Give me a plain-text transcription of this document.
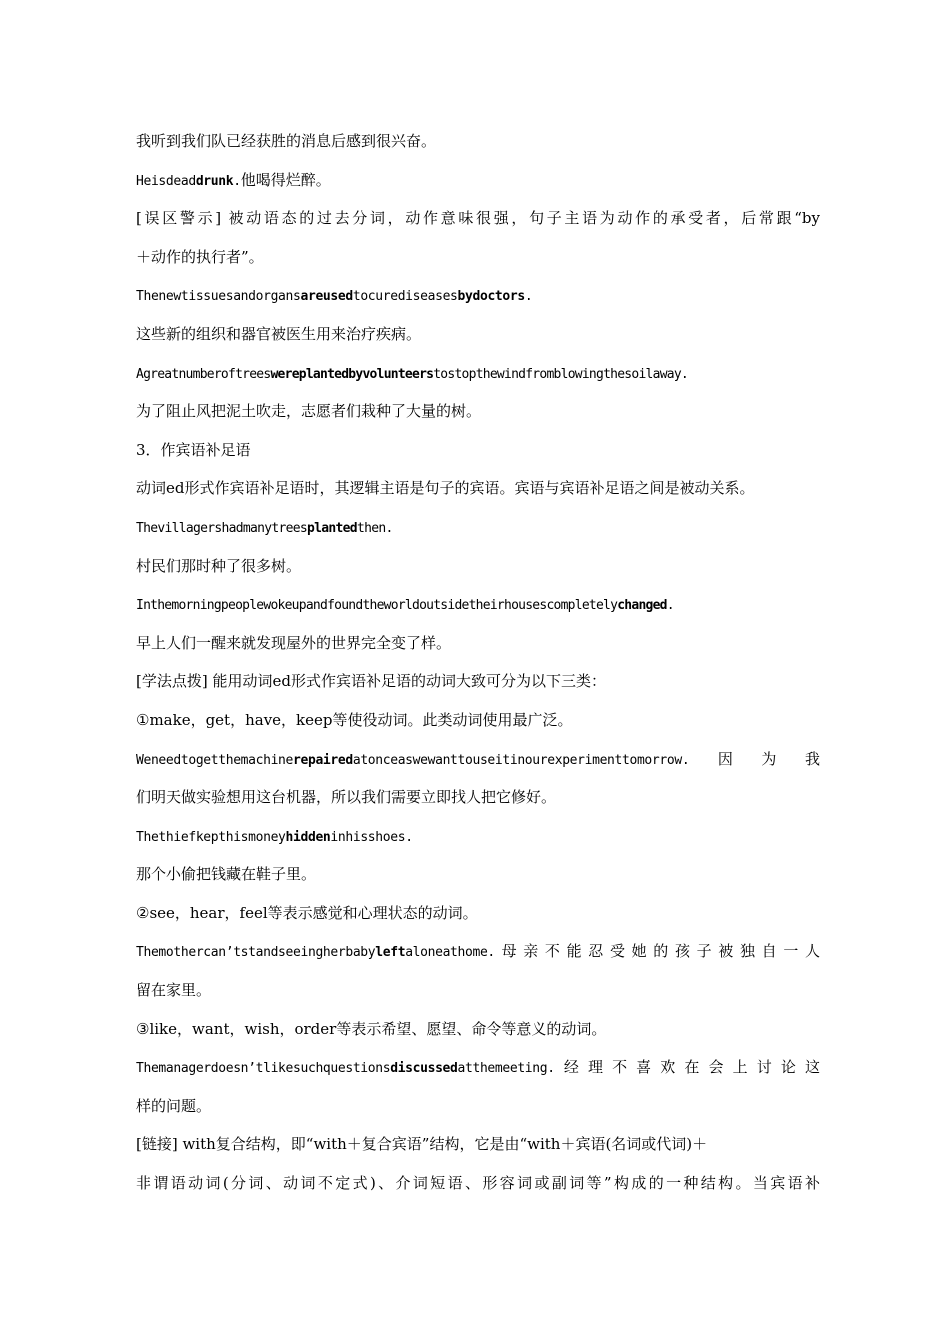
我听到我们队已经获胜的消息后感到很兴奋。
Heisdeaddrunk.他喝得烂醉。
[误区警示] 被动语态的过去分词，动作意味很强，句子主语为动作的承受者，后常跟“by
＋动作的执行者”。
Thenewtissuesandorgansareusedtocurediseasesbydoctors.
这些新的组织和器官被医生用来治疗疾病。
Agreatnumberoftreeswereplantedbyvolunteerstostopthewindfromblowingthesoilaway.
为了阻止风把泥土吹走，志愿者们栽种了大量的树。
3．作宾语补足语
动词ed形式作宾语补足语时，其逻辑主语是句子的宾语。宾语与宾语补足语之间是被动关系。
Thevillagershadmanytreesplantedthen.
村民们那时种了很多树。
Inthemorningpeoplewokeupandfoundtheworldoutsidetheirhousescompletelychanged.
早上人们一醒来就发现屋外的世界完全变了样。
[学法点拨] 能用动词ed形式作宾语补足语的动词大致可分为以下三类：
①make，get，have，keep等使役动词。此类动词使用最广泛。
Weneedtogetthemachinerepairedatonceaswewanttouseitinourexperimenttomorrow.因为我
们明天做实验想用这台机器，所以我们需要立即找人把它修好。
Thethiefkepthismoneyhiddeninhisshoes.
那个小偷把钱藏在鞋子里。
②see，hear，feel等表示感觉和心理状态的动词。
Themothercan’tstandseeingherbabyleftaloneathome.母亲不能忍受她的孩子被独自一人
留在家里。
③like，want，wish，order等表示希望、愿望、命令等意义的动词。
Themanagerdoesn’tlikesuchquestionsdiscussedatthemeeting.经理不喜欢在会上讨论这
样的问题。
[链接] with复合结构，即“with＋复合宾语”结构，它是由“with＋宾语(名词或代词)＋
非谓语动词(分词、动词不定式)、介词短语、形容词或副词等”构成的一种结构。当宾语补
